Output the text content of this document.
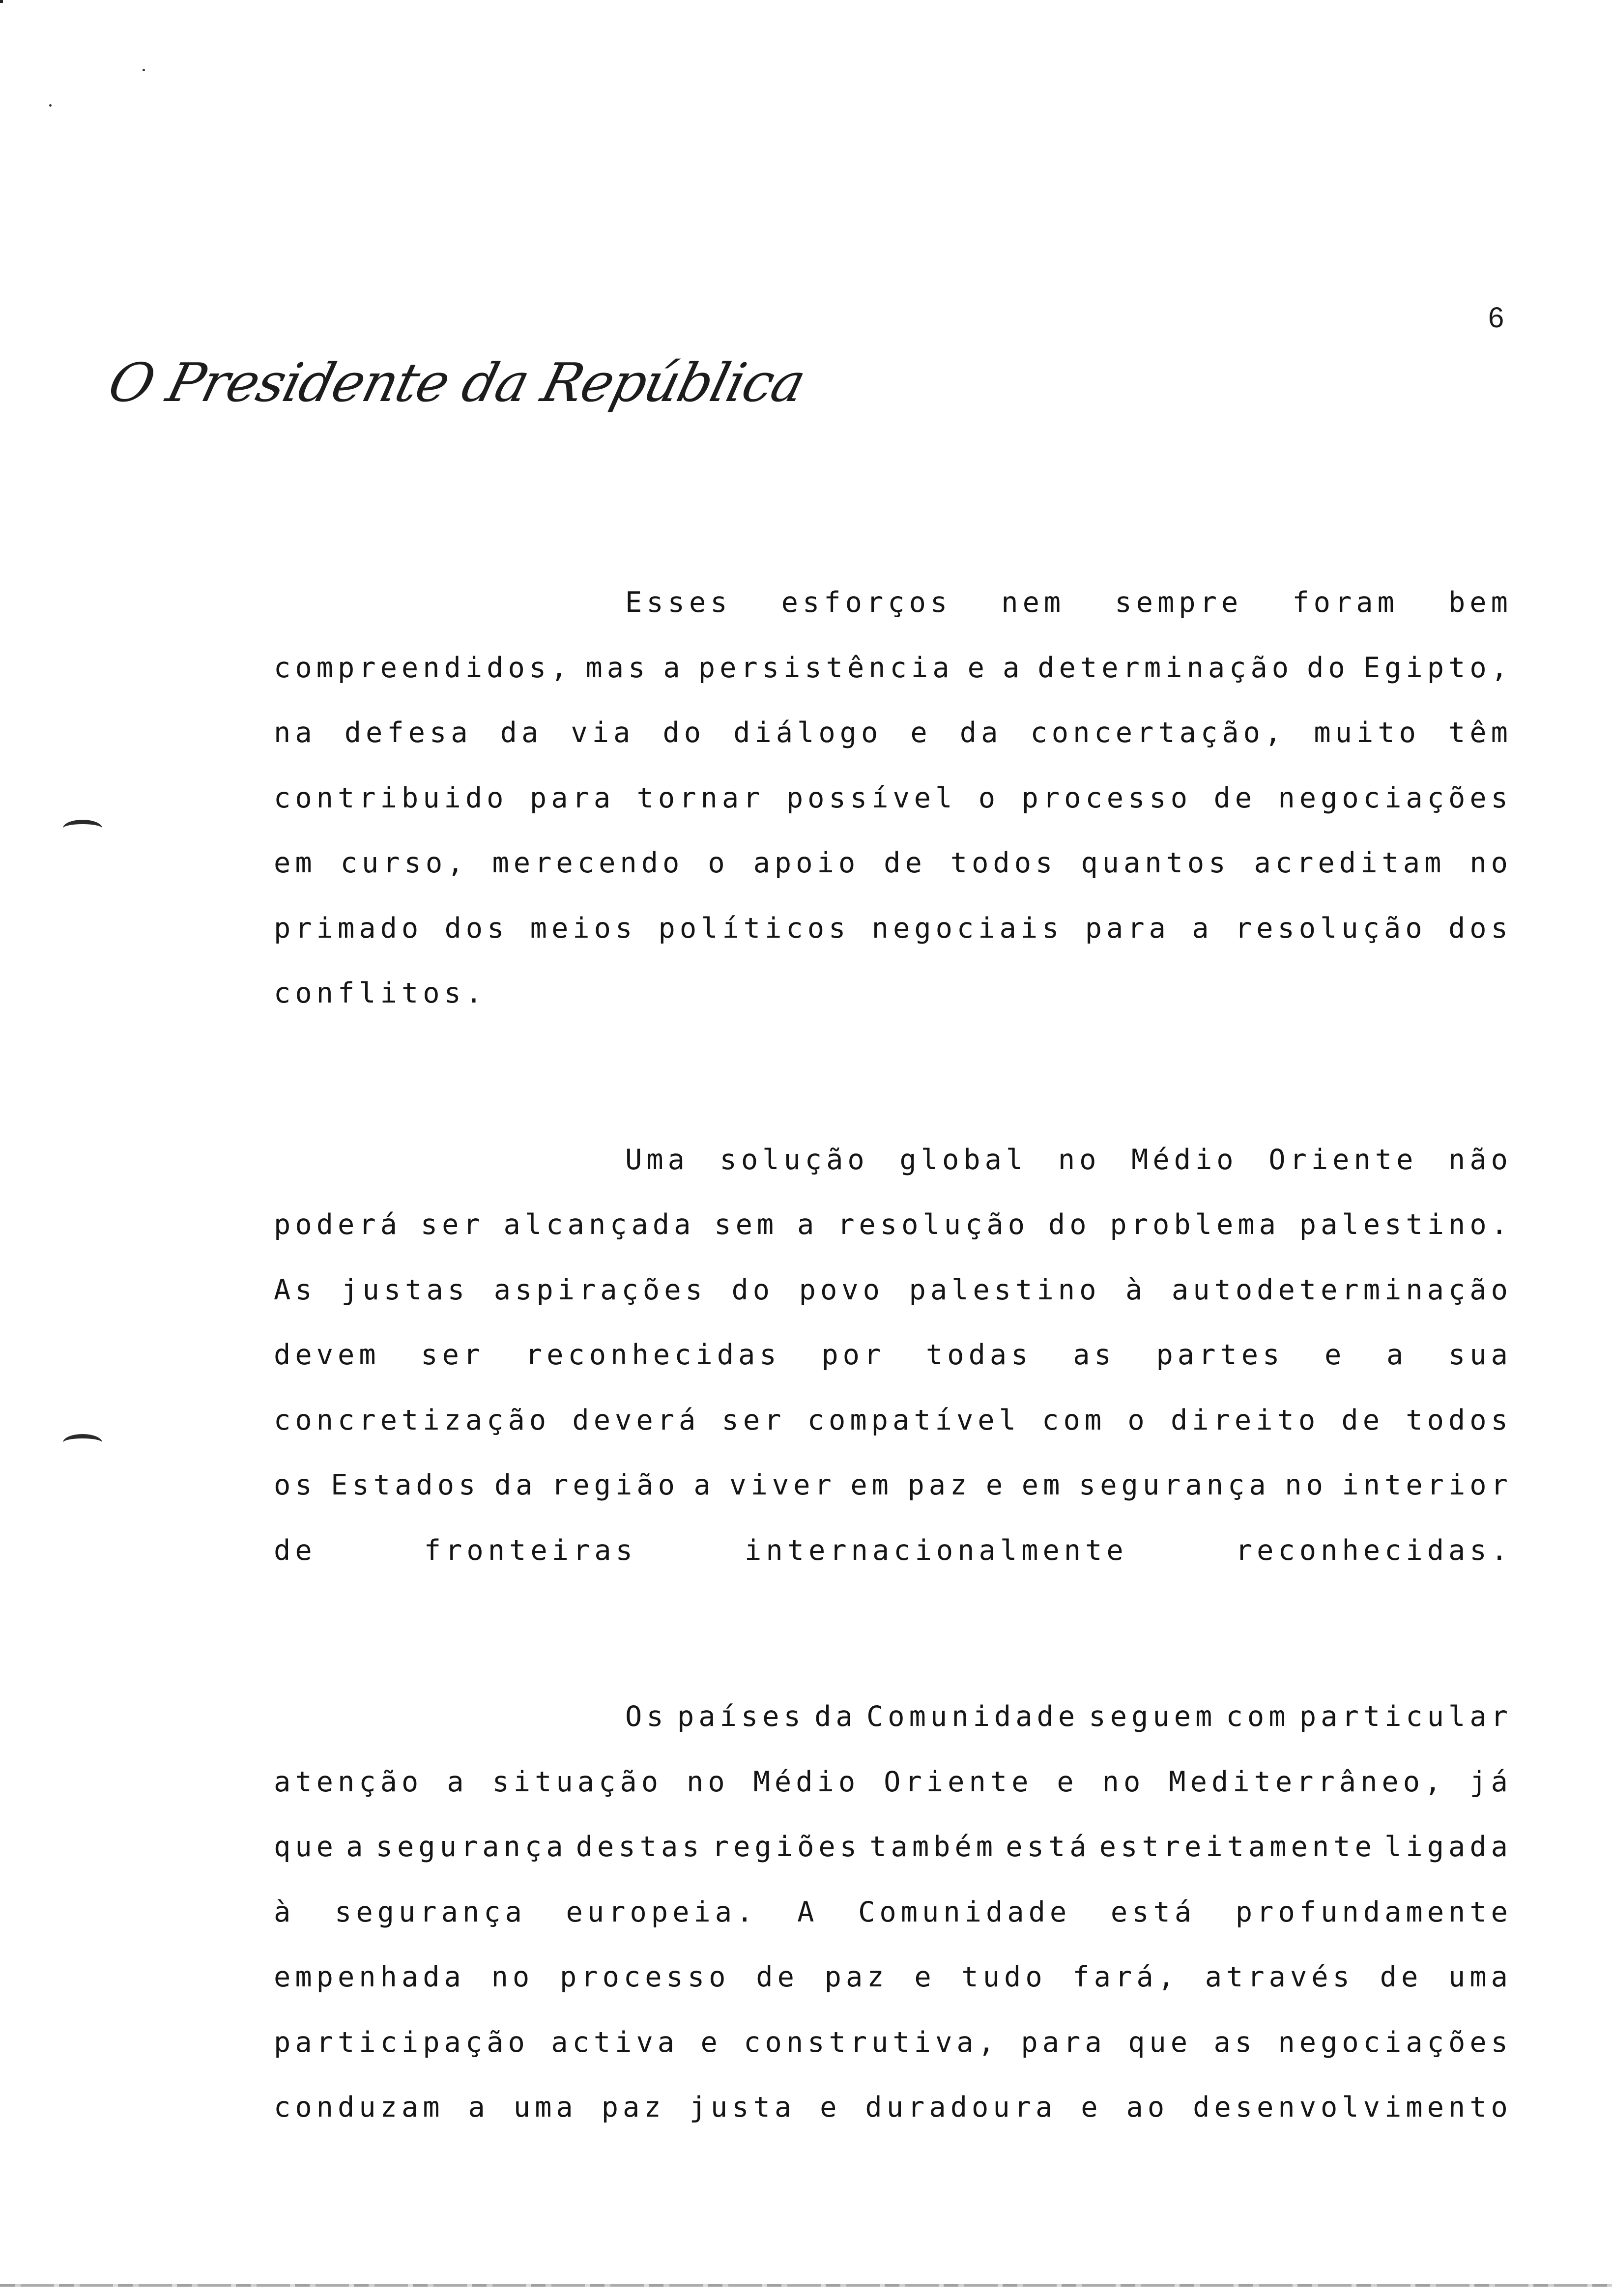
6
O Presidente da República
Esses esforços nem sempre foram bem
compreendidos, mas a persistência e a determinação do Egipto,
na defesa da via do diálogo e da concertação, muito têm
contribuido para tornar possível o processo de negociações
em curso, merecendo o apoio de todos quantos acreditam no
primado dos meios políticos negociais para a resolução dos
conflitos.
Uma solução global no Médio Oriente não
poderá ser alcançada sem a resolução do problema palestino.
As justas aspirações do povo palestino à autodeterminação
devem ser reconhecidas por todas as partes e a sua
concretização deverá ser compatível com o direito de todos
os Estados da região a viver em paz e em segurança no interior
de	fronteiras	internacionalmente	reconhecidas.
Os países da Comunidade seguem com particular
atenção a situação no Médio Oriente e no Mediterrâneo, já
que a segurança destas regiões também está estreitamente ligada
à segurança europeia. A Comunidade está profundamente
empenhada no processo de paz e tudo fará, através de uma
participação activa e construtiva, para que as negociações
conduzam a uma paz justa e duradoura e ao desenvolvimento
